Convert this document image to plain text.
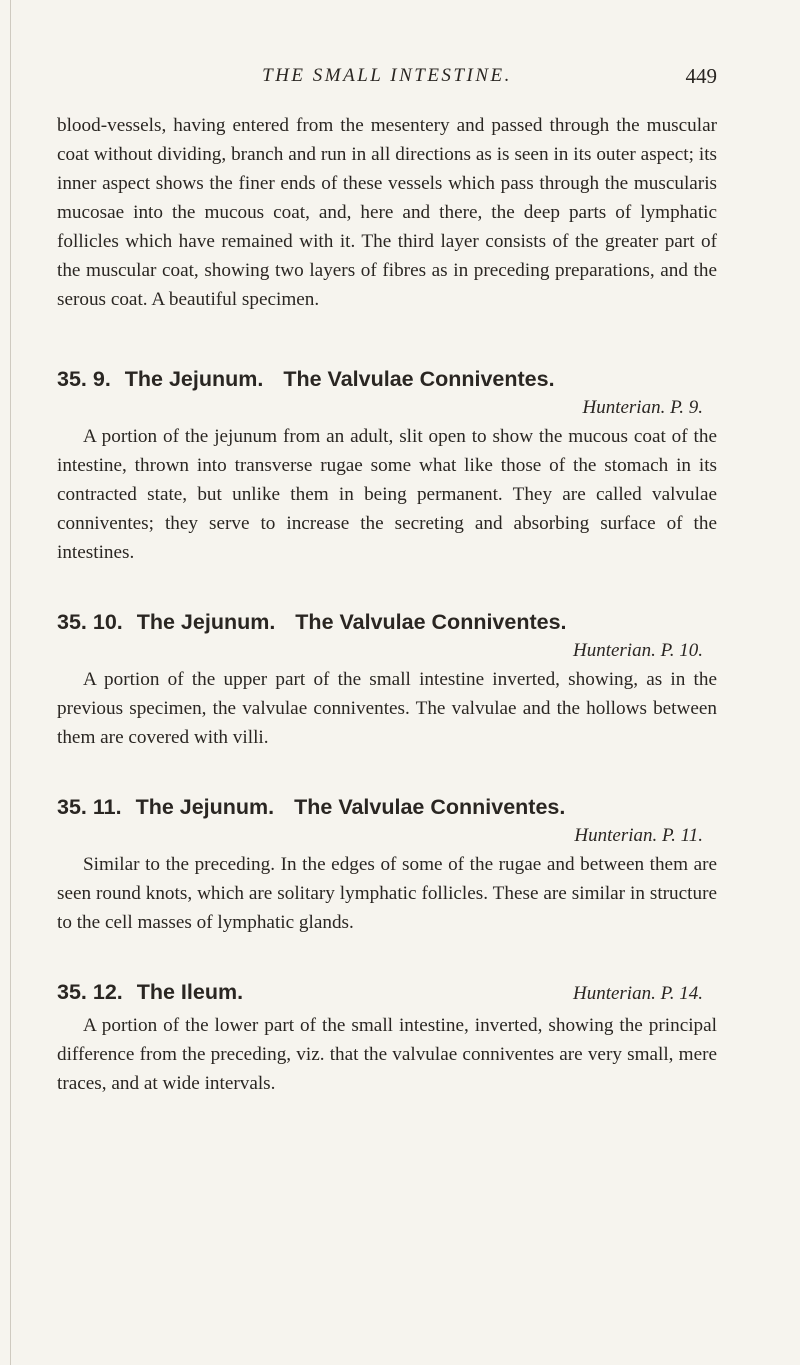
THE SMALL INTESTINE.	449

blood-vessels, having entered from the mesentery and passed through the muscular coat without dividing, branch and run in all directions as is seen in its outer aspect; its inner aspect shows the finer ends of these vessels which pass through the muscularis mucosae into the mucous coat, and, here and there, the deep parts of lymphatic follicles which have remained with it. The third layer consists of the greater part of the muscular coat, showing two layers of fibres as in preceding preparations, and the serous coat. A beautiful specimen.

35. 9. The Jejunum. The Valvulae Conniventes.

Hunterian. P. 9.

A portion of the jejunum from an adult, slit open to show the mucous coat of the intestine, thrown into transverse rugae some what like those of the stomach in its contracted state, but unlike them in being permanent. They are called valvulae conniventes; they serve to increase the secreting and absorbing surface of the intestines.

35. 10. The Jejunum. The Valvulae Conniventes.

Hunterian. P. 10.

A portion of the upper part of the small intestine inverted, showing, as in the previous specimen, the valvulae conniventes. The valvulae and the hollows between them are covered with villi.

35. 11. The Jejunum. The Valvulae Conniventes.

Hunterian. P. 11.

Similar to the preceding. In the edges of some of the rugae and between them are seen round knots, which are solitary lymphatic follicles. These are similar in structure to the cell masses of lymphatic glands.

35. 12. The Ileum.	Hunterian. P. 14.

A portion of the lower part of the small intestine, inverted, showing the principal difference from the preceding, viz. that the valvulae conniventes are very small, mere traces, and at wide intervals.
